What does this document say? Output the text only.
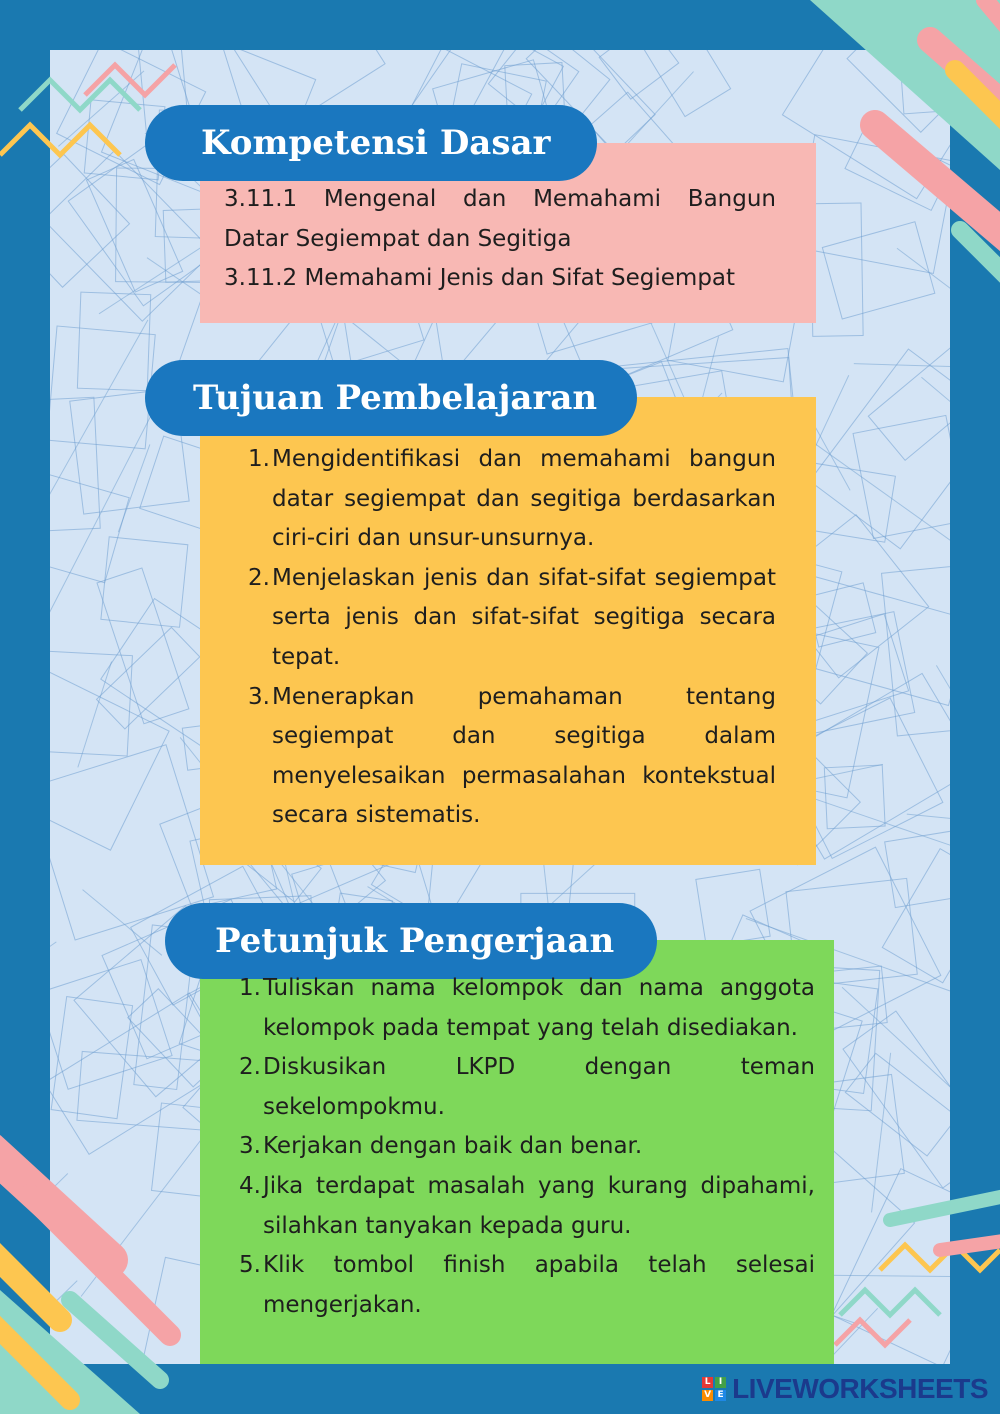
Kompetensi Dasar
3.11.1 Mengenal dan Memahami Bangun
Datar Segiempat dan Segitiga
3.11.2 Memahami Jenis dan Sifat Segiempat
Tujuan Pembelajaran
1. Mengidentifikasi dan memahami bangun datar segiempat dan segitiga berdasarkan ciri-ciri dan unsur-unsurnya.
2. Menjelaskan jenis dan sifat-sifat segiempat serta jenis dan sifat-sifat segitiga secara tepat.
3. Menerapkan pemahaman tentang segiempat dan segitiga dalam menyelesaikan permasalahan kontekstual secara sistematis.
Petunjuk Pengerjaan
1. Tuliskan nama kelompok dan nama anggota kelompok pada tempat yang telah disediakan.
2. Diskusikan LKPD dengan teman sekelompokmu.
3. Kerjakan dengan baik dan benar.
4. Jika terdapat masalah yang kurang dipahami, silahkan tanyakan kepada guru.
5. Klik tombol finish apabila telah selesai mengerjakan.
L I
V E LIVEWORKSHEETS
